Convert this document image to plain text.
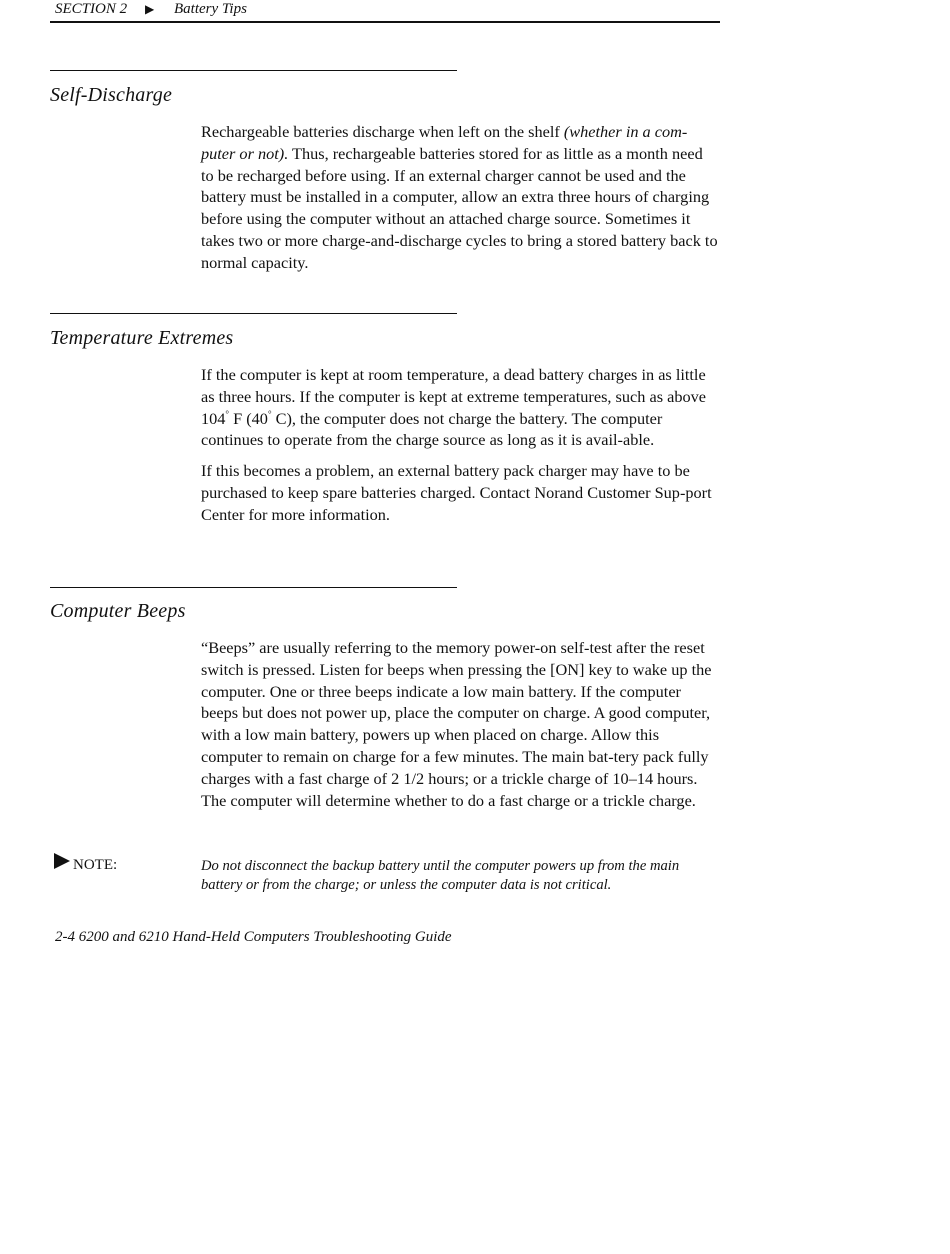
SECTION 2 ▶ Battery Tips
Self-Discharge

Rechargeable batteries discharge when left on the shelf (whether in a com-puter or not). Thus, rechargeable batteries stored for as little as a month need to be recharged before using. If an external charger cannot be used and the battery must be installed in a computer, allow an extra three hours of charging before using the computer without an attached charge source. Sometimes it takes two or more charge-and-discharge cycles to bring a stored battery back to normal capacity.

Temperature Extremes

If the computer is kept at room temperature, a dead battery charges in as little as three hours. If the computer is kept at extreme temperatures, such as above 104° F (40° C), the computer does not charge the battery. The computer continues to operate from the charge source as long as it is avail-able.

If this becomes a problem, an external battery pack charger may have to be purchased to keep spare batteries charged. Contact Norand Customer Sup-port Center for more information.

Computer Beeps

“Beeps” are usually referring to the memory power-on self-test after the reset switch is pressed. Listen for beeps when pressing the [ON] key to wake up the computer. One or three beeps indicate a low main battery. If the computer beeps but does not power up, place the computer on charge. A good computer, with a low main battery, powers up when placed on charge. Allow this computer to remain on charge for a few minutes. The main bat-tery pack fully charges with a fast charge of 2 1/2 hours; or a trickle charge of 10–14 hours. The computer will determine whether to do a fast charge or a trickle charge.

NOTE:	Do not disconnect the backup battery until the computer powers up from the main battery or from the charge; or unless the computer data is not critical.
2-4 6200 and 6210 Hand-Held Computers Troubleshooting Guide
